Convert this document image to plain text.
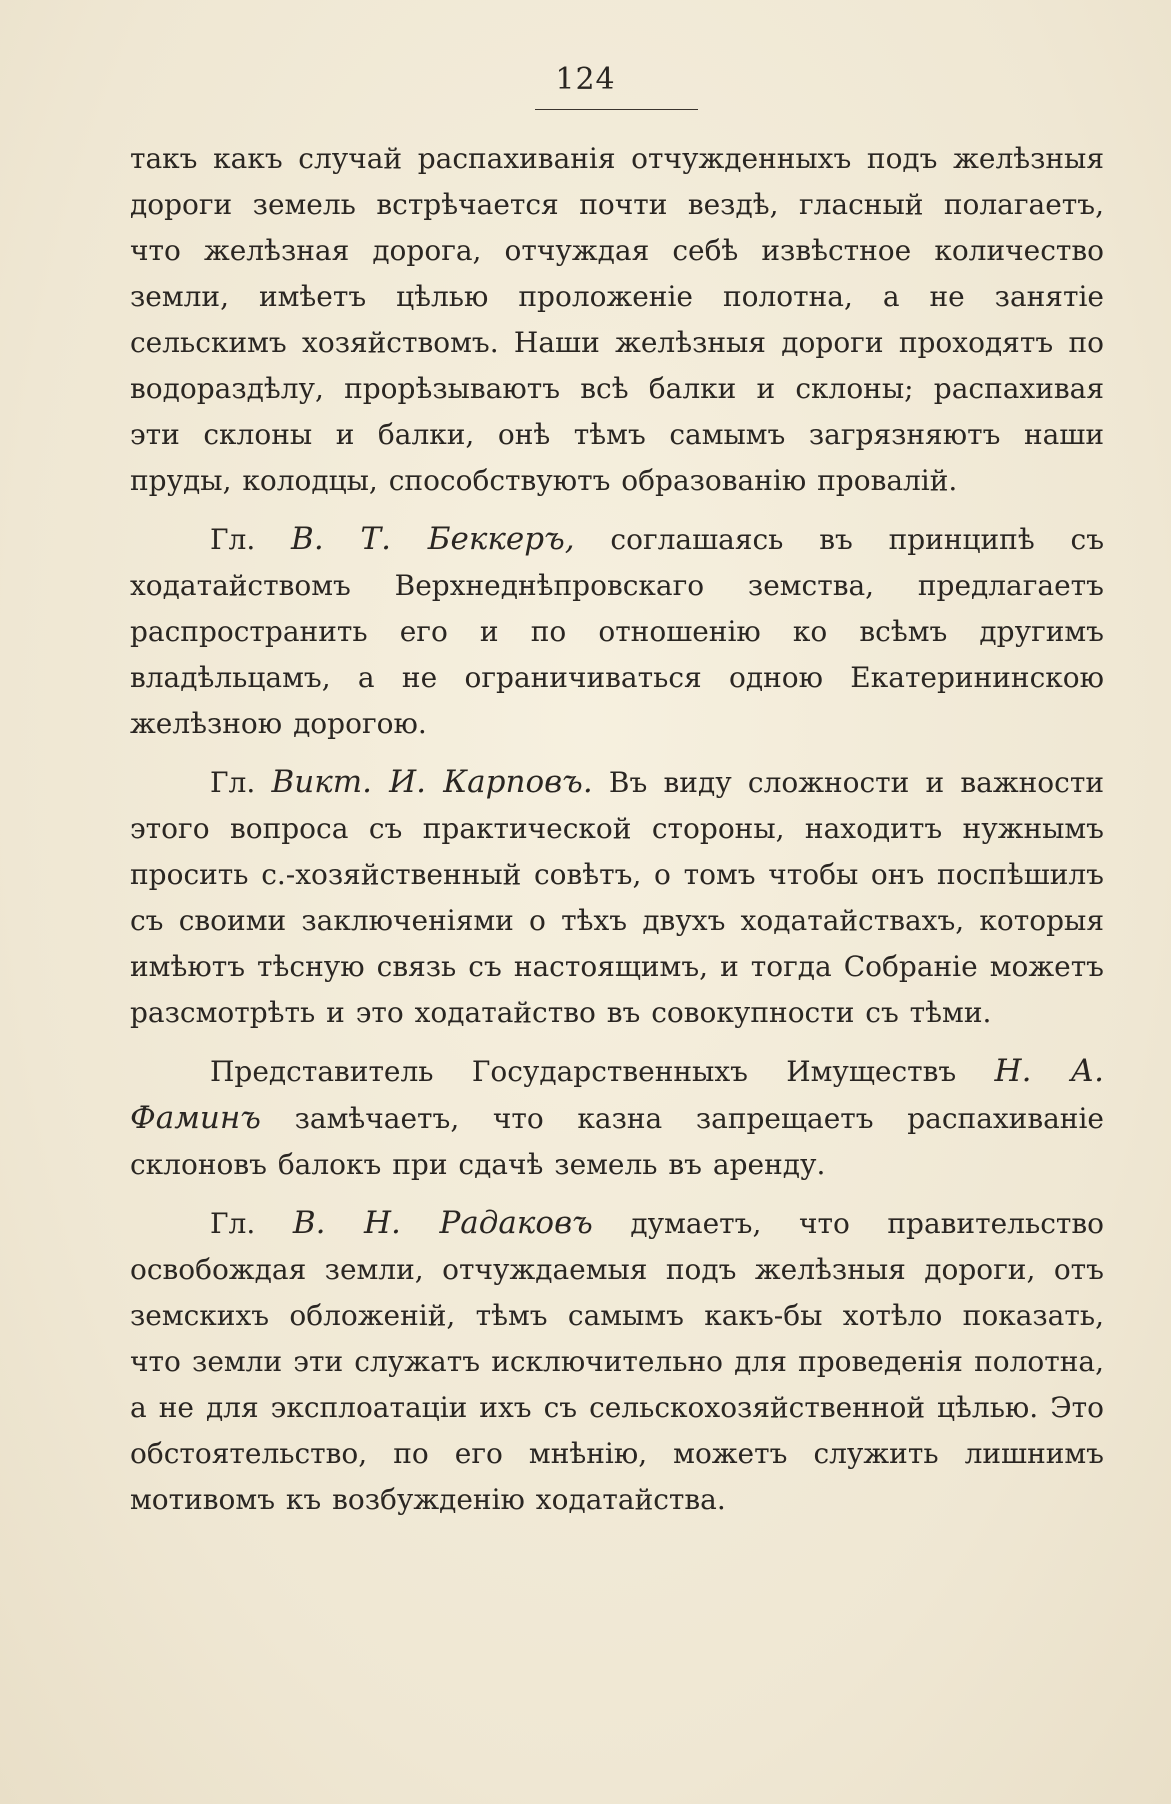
124

такъ какъ случай распахиванія отчужденныхъ подъ желѣзныя дороги земель встрѣчается почти вездѣ, гласный полагаетъ, что желѣзная дорога, отчуждая себѣ извѣстное количество земли, имѣетъ цѣлью проложеніе полотна, а не занятіе сельскимъ хозяйствомъ. Наши желѣзныя дороги проходятъ по водораздѣлу, прорѣзываютъ всѣ балки и склоны; распахивая эти склоны и балки, онѣ тѣмъ самымъ загрязняютъ наши пруды, колодцы, способствуютъ образованію провалій.

Гл. В. Т. Беккеръ, соглашаясь въ принципѣ съ ходатайствомъ Верхнеднѣпровскаго земства, предлагаетъ распространить его и по отношенію ко всѣмъ другимъ владѣльцамъ, а не ограничиваться одною Екатерининскою желѣзною дорогою.

Гл. Викт. И. Карповъ. Въ виду сложности и важности этого вопроса съ практической стороны, находитъ нужнымъ просить с.-хозяйственный совѣтъ, о томъ чтобы онъ поспѣшилъ съ своими заключеніями о тѣхъ двухъ ходатайствахъ, которыя имѣютъ тѣсную связь съ настоящимъ, и тогда Собраніе можетъ разсмотрѣть и это ходатайство въ совокупности съ тѣми.

Представитель Государственныхъ Имуществъ Н. А. Фаминъ замѣчаетъ, что казна запрещаетъ распахиваніе склоновъ балокъ при сдачѣ земель въ аренду.

Гл. В. Н. Радаковъ думаетъ, что правительство освобождая земли, отчуждаемыя подъ желѣзныя дороги, отъ земскихъ обложеній, тѣмъ самымъ какъ-бы хотѣло показать, что земли эти служатъ исключительно для проведенія полотна, а не для эксплоатаціи ихъ съ сельскохозяйственной цѣлью. Это обстоятельство, по его мнѣнію, можетъ служить лишнимъ мотивомъ къ возбужденію ходатайства.
